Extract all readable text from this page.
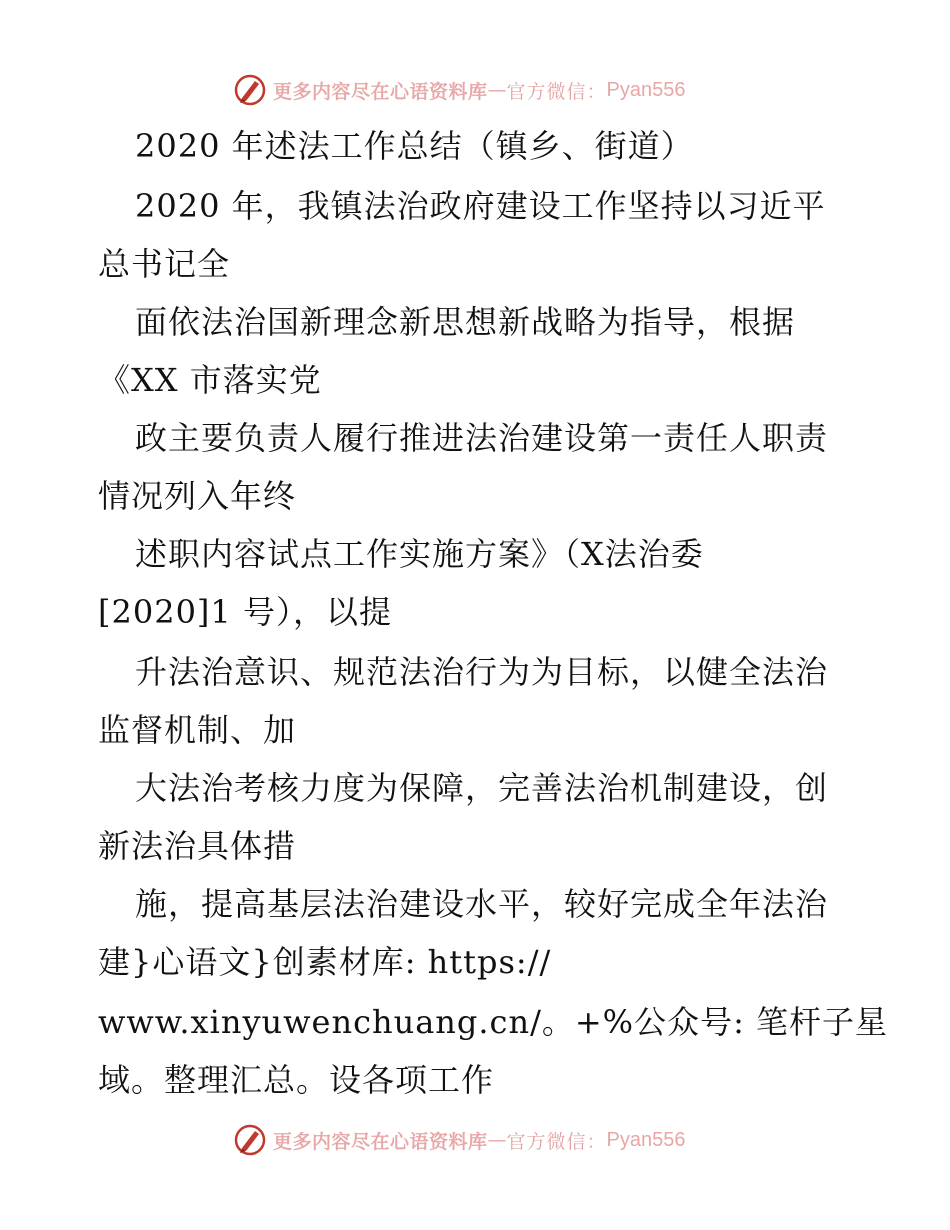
更多内容尽在心语资料库 — 官方微信： Pyan556
2020 年述法工作总结（镇乡、街道）
2020 年，我镇法治政府建设工作坚持以习近平
总书记全
面依法治国新理念新思想新战略为指导，根据
《XX 市落实党
政主要负责人履行推进法治建设第一责任人职责
情况列入年终
述职内容试点工作实施方案》（X法治委
[2020]1 号），以提
升法治意识、规范法治行为为目标，以健全法治
监督机制、加
大法治考核力度为保障，完善法治机制建设，创
新法治具体措
施，提高基层法治建设水平，较好完成全年法治
建}心语文}创素材库: https://
www.xinyuwenchuang.cn/。+%公众号: 笔杆子星
域。整理汇总。设各项工作
更多内容尽在心语资料库 — 官方微信： Pyan556
